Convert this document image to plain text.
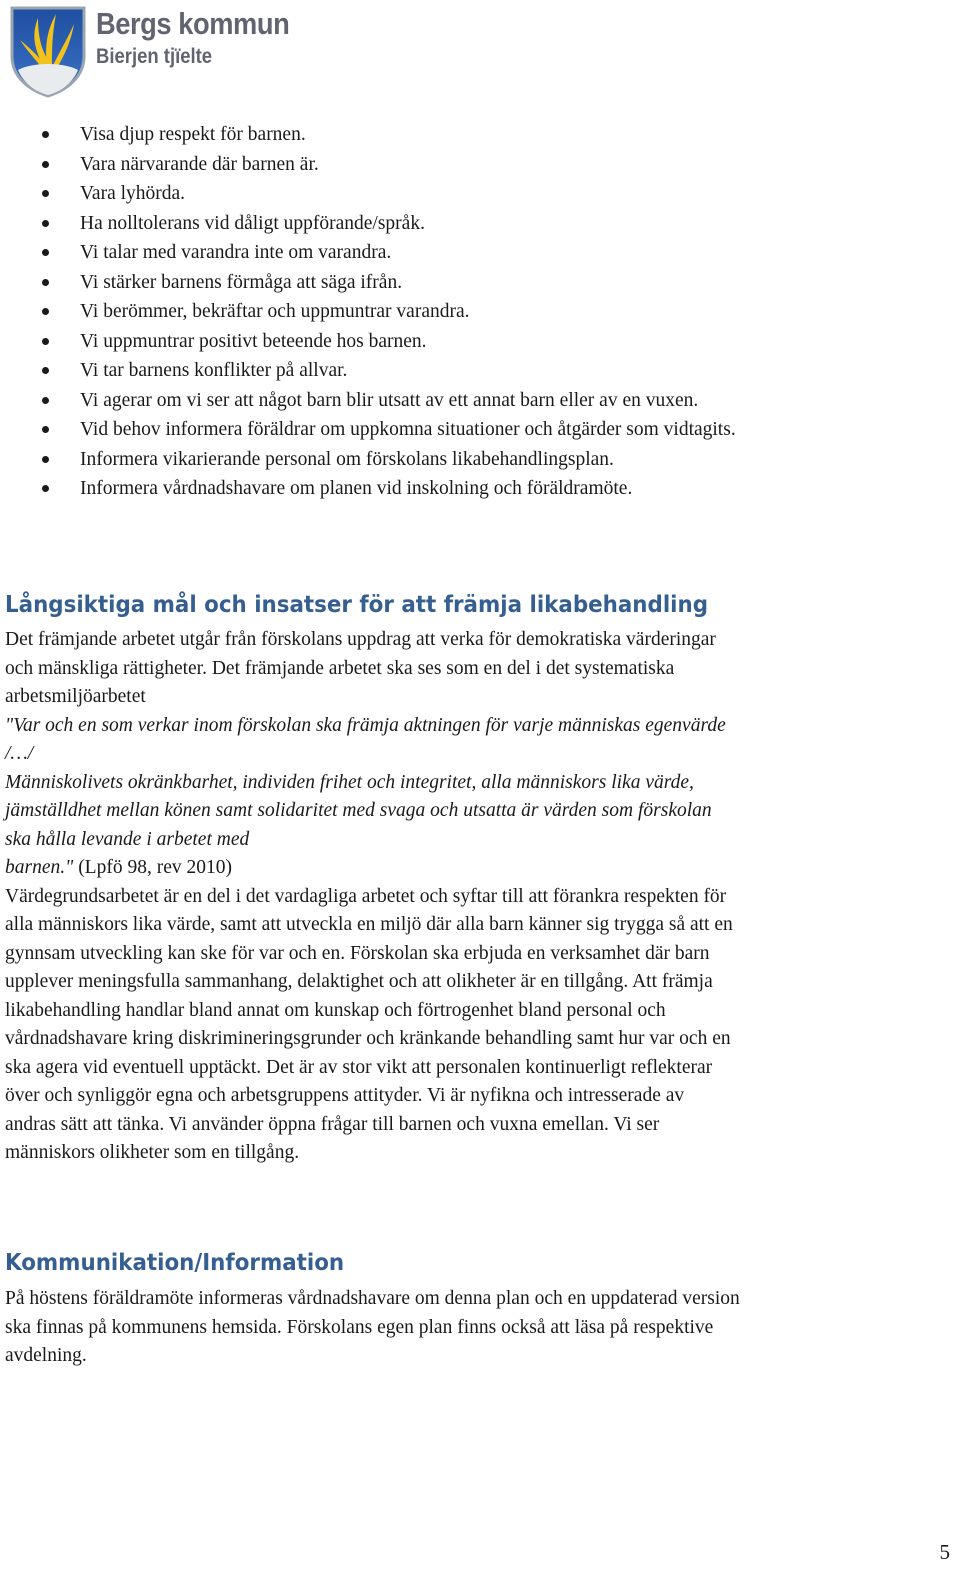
Bergs kommun
Bierjen tjïelte
Visa djup respekt för barnen.
Vara närvarande där barnen är.
Vara lyhörda.
Ha nolltolerans vid dåligt uppförande/språk.
Vi talar med varandra inte om varandra.
Vi stärker barnens förmåga att säga ifrån.
Vi berömmer, bekräftar och uppmuntrar varandra.
Vi uppmuntrar positivt beteende hos barnen.
Vi tar barnens konflikter på allvar.
Vi agerar om vi ser att något barn blir utsatt av ett annat barn eller av en vuxen.
Vid behov informera föräldrar om uppkomna situationer och åtgärder som vidtagits.
Informera vikarierande personal om förskolans likabehandlingsplan.
Informera vårdnadshavare om planen vid inskolning och föräldramöte.
Långsiktiga mål och insatser för att främja likabehandling
Det främjande arbetet utgår från förskolans uppdrag att verka för demokratiska värderingar
och mänskliga rättigheter. Det främjande arbetet ska ses som en del i det systematiska
arbetsmiljöarbetet
"Var och en som verkar inom förskolan ska främja aktningen för varje människas egenvärde
/…/
Människolivets okränkbarhet, individen frihet och integritet, alla människors lika värde,
jämställdhet mellan könen samt solidaritet med svaga och utsatta är värden som förskolan
ska hålla levande i arbetet med
barnen." (Lpfö 98, rev 2010)
Värdegrundsarbetet är en del i det vardagliga arbetet och syftar till att förankra respekten för
alla människors lika värde, samt att utveckla en miljö där alla barn känner sig trygga så att en
gynnsam utveckling kan ske för var och en. Förskolan ska erbjuda en verksamhet där barn
upplever meningsfulla sammanhang, delaktighet och att olikheter är en tillgång. Att främja
likabehandling handlar bland annat om kunskap och förtrogenhet bland personal och
vårdnadshavare kring diskrimineringsgrunder och kränkande behandling samt hur var och en
ska agera vid eventuell upptäckt. Det är av stor vikt att personalen kontinuerligt reflekterar
över och synliggör egna och arbetsgruppens attityder. Vi är nyfikna och intresserade av
andras sätt att tänka. Vi använder öppna frågar till barnen och vuxna emellan. Vi ser
människors olikheter som en tillgång.
Kommunikation/Information
På höstens föräldramöte informeras vårdnadshavare om denna plan och en uppdaterad version
ska finnas på kommunens hemsida. Förskolans egen plan finns också att läsa på respektive
avdelning.
5
